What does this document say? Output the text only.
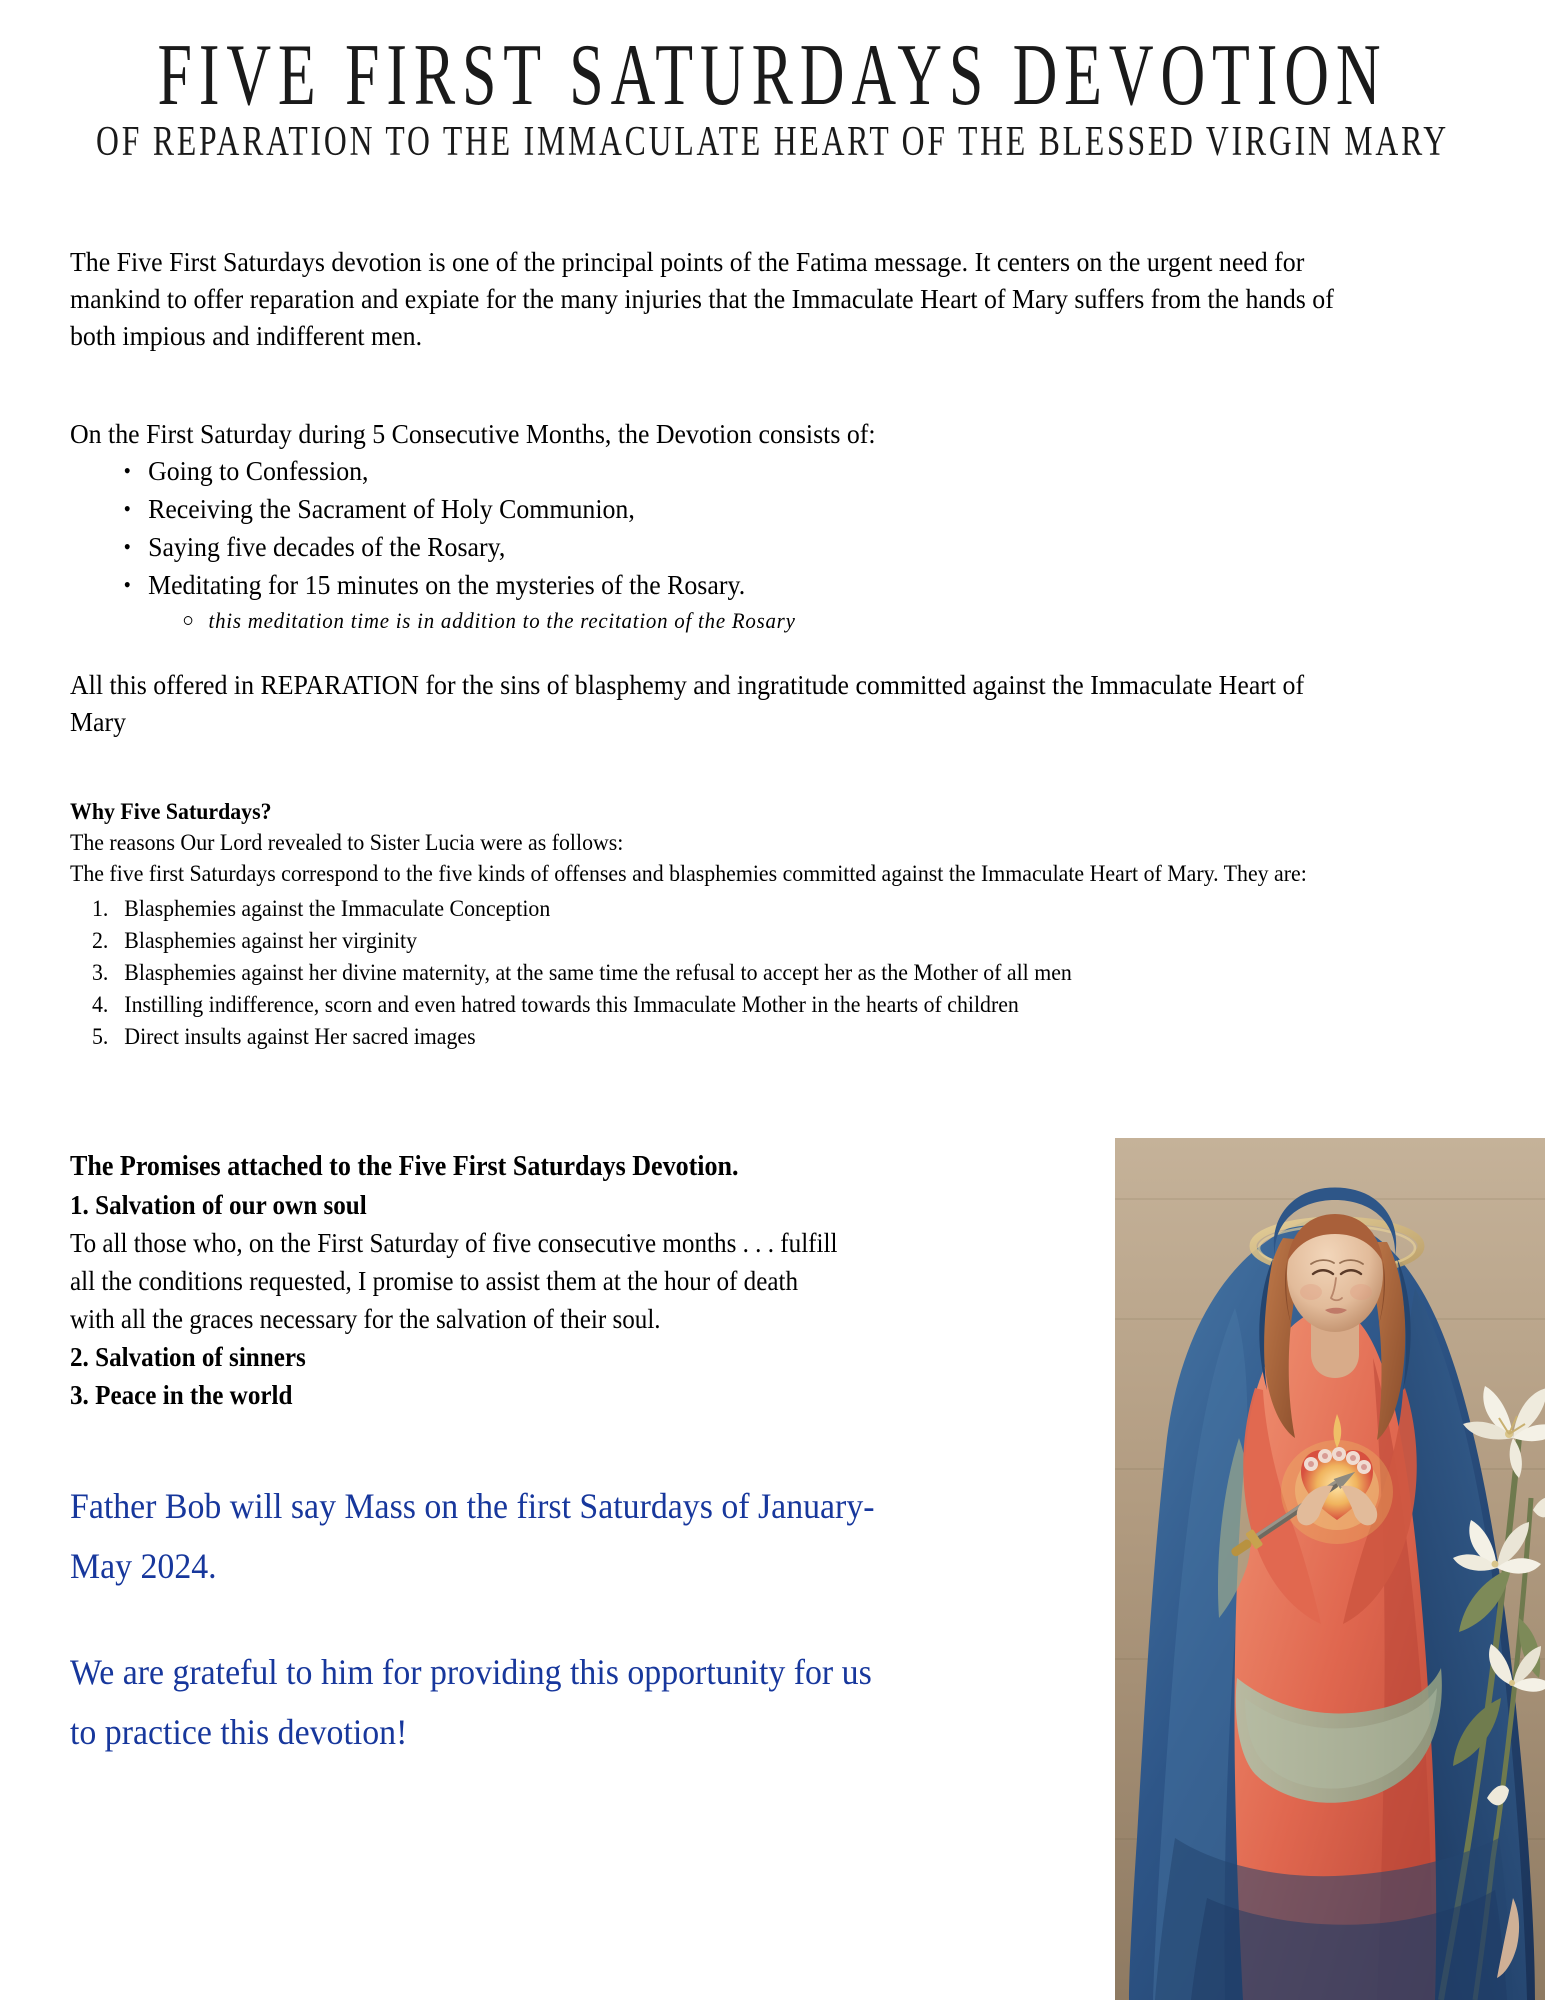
FIVE FIRST SATURDAYS DEVOTION
OF REPARATION TO THE IMMACULATE HEART OF THE BLESSED VIRGIN MARY

The Five First Saturdays devotion is one of the principal points of the Fatima message. It centers on the urgent need for mankind to offer reparation and expiate for the many injuries that the Immaculate Heart of Mary suffers from the hands of both impious and indifferent men.

On the First Saturday during 5 Consecutive Months, the Devotion consists of:
• Going to Confession,
• Receiving the Sacrament of Holy Communion,
• Saying five decades of the Rosary,
• Meditating for 15 minutes on the mysteries of the Rosary.
this meditation time is in addition to the recitation of the Rosary

All this offered in REPARATION for the sins of blasphemy and ingratitude committed against the Immaculate Heart of Mary

Why Five Saturdays?
The reasons Our Lord revealed to Sister Lucia were as follows:
The five first Saturdays correspond to the five kinds of offenses and blasphemies committed against the Immaculate Heart of Mary. They are:
Blasphemies against the Immaculate Conception
Blasphemies against her virginity
Blasphemies against her divine maternity, at the same time the refusal to accept her as the Mother of all men
Instilling indifference, scorn and even hatred towards this Immaculate Mother in the hearts of children
Direct insults against Her sacred images
The Promises attached to the Five First Saturdays Devotion.
1. Salvation of our own soul
To all those who, on the First Saturday of five consecutive months . . . fulfill all the conditions requested, I promise to assist them at the hour of death with all the graces necessary for the salvation of their soul.
2. Salvation of sinners
3. Peace in the world
Father Bob will say Mass on the first Saturdays of January-May 2024.
We are grateful to him for providing this opportunity for us to practice this devotion!
